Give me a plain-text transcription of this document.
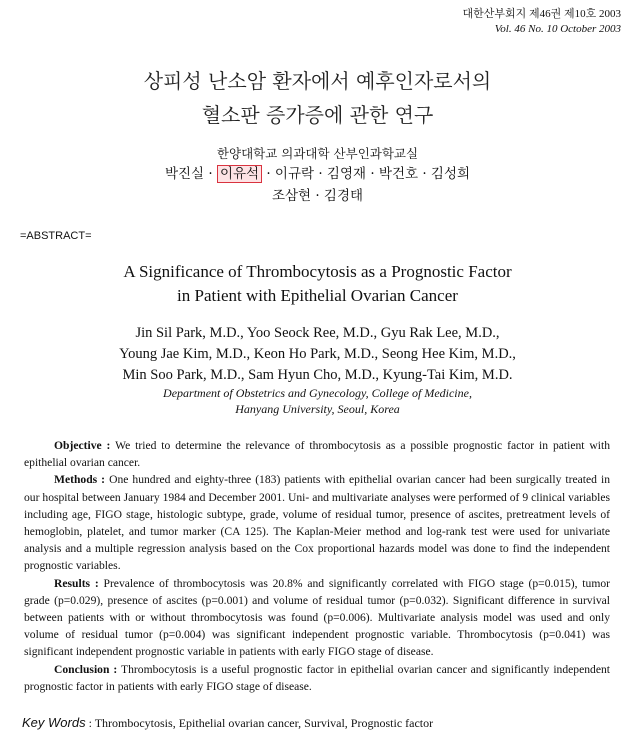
대한산부회지 제46권 제10호 2003
Vol. 46 No. 10 October 2003
상피성 난소암 환자에서 예후인자로서의
혈소판 증가증에 관한 연구
한양대학교 의과대학 산부인과학교실
박진실 · 이유석 · 이규락 · 김영재 · 박건호 · 김성희
조삼현 · 김경태
=ABSTRACT=
A Significance of Thrombocytosis as a Prognostic Factor
in Patient with Epithelial Ovarian Cancer
Jin Sil Park, M.D., Yoo Seock Ree, M.D., Gyu Rak Lee, M.D.,
Young Jae Kim, M.D., Keon Ho Park, M.D., Seong Hee Kim, M.D.,
Min Soo Park, M.D., Sam Hyun Cho, M.D., Kyung-Tai Kim, M.D.
Department of Obstetrics and Gynecology, College of Medicine,
Hanyang University, Seoul, Korea

Objective : We tried to determine the relevance of thrombocytosis as a possible prognostic factor in patient with epithelial ovarian cancer.

Methods : One hundred and eighty-three (183) patients with epithelial ovarian cancer had been surgically treated in our hospital between January 1984 and December 2001. Uni- and multivariate analyses were performed of 9 clinical variables including age, FIGO stage, histologic subtype, grade, volume of residual tumor, presence of ascites, pretreatment levels of hemoglobin, platelet, and tumor marker (CA 125). The Kaplan-Meier method and log-rank test were used for univariate analysis and a multiple regression analysis based on the Cox proportional hazards model was done to find the independent prognostic variables.

Results : Prevalence of thrombocytosis was 20.8% and significantly correlated with FIGO stage (p=0.015), tumor grade (p=0.029), presence of ascites (p=0.001) and volume of residual tumor (p=0.032). Significant difference in survival between patients with or without thrombocytosis was found (p=0.006). Multivariate analysis model was used and only volume of residual tumor (p=0.004) was significant independent prognostic variable. Thrombocytosis (p=0.041) was significant independent prognostic variable in patients with early FIGO stage of disease.

Conclusion : Thrombocytosis is a useful prognostic factor in epithelial ovarian cancer and significantly independent prognostic factor in patients with early FIGO stage of disease.

Key Words : Thrombocytosis, Epithelial ovarian cancer, Survival, Prognostic factor
